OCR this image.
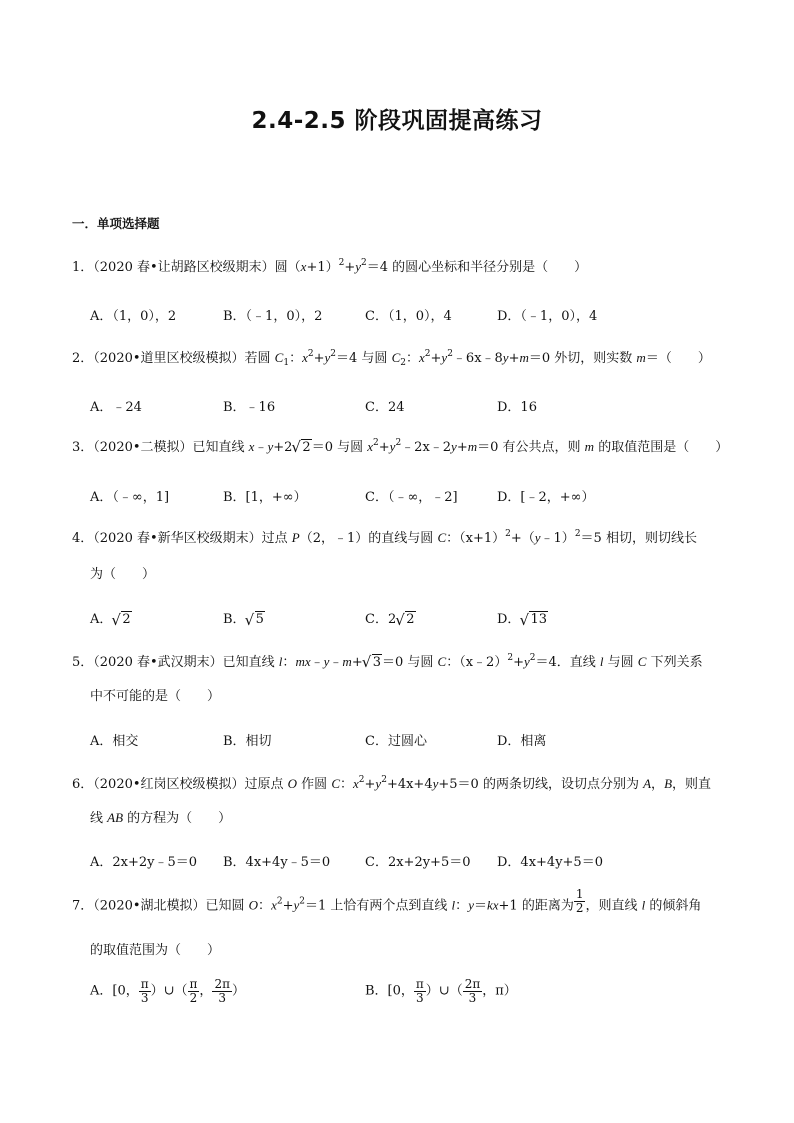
2.4-2.5 阶段巩固提高练习
一．单项选择题
1．（2020 春•让胡路区校级期末）圆$(x+1)^2+y^2=4$ 的圆心坐标和半径分别是（　　）
A．（1，0），2	B．（﹣1，0），2	C．（1，0），4	D．（﹣1，0），4
2．（2020•道里区校级模拟）若圆 $C_1$：$x^2+y^2=4$ 与圆 $C_2$：$x^2+y^2﹣6x﹣8y+m=0$ 外切，则实数 m＝（　　）
A．﹣24	B．﹣16	C．24	D．16
3．（2020•二模拟）已知直线 x﹣y+2 √ 2＝0 与圆 $x^2+y^2﹣2x﹣2y+m=0$ 有公共点，则 m 的取值范围是（　　）
A．（﹣∞，1]	B．[1，+∞）	C．（﹣∞，﹣2]	D．[﹣2，+∞）
4．（2020 春•新华区校级期末）过点 P（2，﹣1）的直线与圆 C：$(x+1)^2+(y﹣1)^2=5$ 相切，则切线长
为（　　）
A． √ 2	B． √ 5	C．2 √ 2	D． √ 13
5．（2020 春•武汉期末）已知直线 l：mx﹣y﹣m+ √ 3＝0 与圆 C：$(x﹣2)^2+y^2=4$．直线 l 与圆 C 下列关系
中不可能的是（　　）
A．相交	B．相切	C．过圆心	D．相离
6．（2020•红岗区校级模拟）过原点 O 作圆 C：$x^2+y^2+4x+4y+5=0$ 的两条切线，设切点分别为 A，B，则直
线 AB 的方程为（　　）
A．2x+2y﹣5＝0 B．4x+4y﹣5＝0	C．2x+2y+5＝0 D．4x+4y+5＝0
7．（2020•湖北模拟）已知圆 O：$x^2+y^2=1$ 上恰有两个点到直线 l：y＝kx+1 的距离为 $\frac{1}{2}$ ，则直线 l 的倾斜角
的取值范围为（　　）
A．[0， $\frac{\pi}{3}$ ）∪（ $\frac{\pi}{2}$ ， $\frac{2\pi}{3}$ ）	B．[0， $\frac{\pi}{3}$ ）∪（ $\frac{2\pi}{3}$ ，π）
